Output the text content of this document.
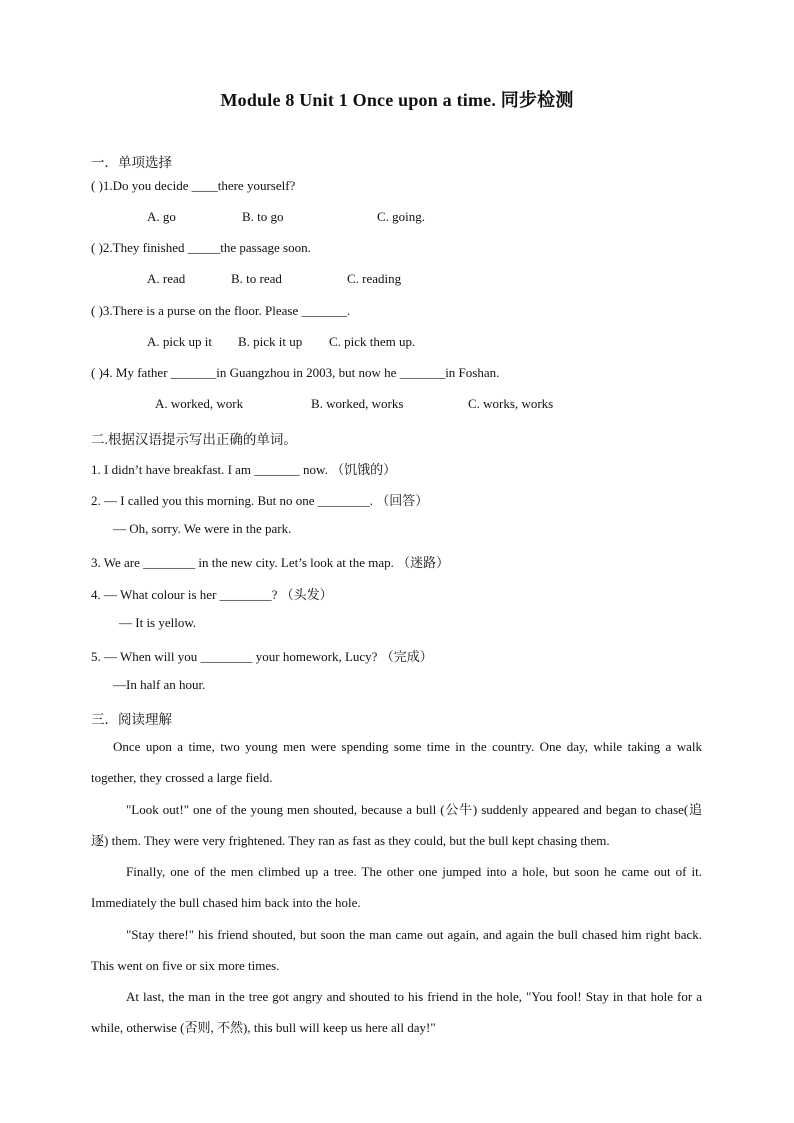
Module 8 Unit 1 Once upon a time. 同步检测
一．单项选择
( )1.Do you decide ____there yourself?
A. go	B. to go	C. going.
( )2.They finished _____the passage soon.
A. read	B. to read	C. reading
( )3.There is a purse on the floor. Please _______.
A. pick up it B. pick it up C. pick them up.
( )4. My father _______in Guangzhou in 2003, but now he _______in Foshan.
A. worked, work	B. worked, works	C. works, works
二.根据汉语提示写出正确的单词。
1. I didn’t have breakfast. I am _______ now. （饥饿的）
2. — I called you this morning. But no one ________. （回答）
— Oh, sorry. We were in the park.
3. We are ________ in the new city. Let’s look at the map. （迷路）
4. — What colour is her ________? （头发）
— It is yellow.
5. — When will you ________ your homework, Lucy? （完成）
—In half an hour.
三．阅读理解
Once upon a time, two young men were spending some time in the country. One day, while taking a walk together, they crossed a large field.
"Look out!" one of the young men shouted, because a bull (公牛) suddenly appeared and began to chase(追逐) them. They were very frightened. They ran as fast as they could, but the bull kept chasing them.
Finally, one of the men climbed up a tree. The other one jumped into a hole, but soon he came out of it. Immediately the bull chased him back into the hole.
"Stay there!" his friend shouted, but soon the man came out again, and again the bull chased him right back. This went on five or six more times.
At last, the man in the tree got angry and shouted to his friend in the hole, "You fool! Stay in that hole for a while, otherwise (否则, 不然), this bull will keep us here all day!"
